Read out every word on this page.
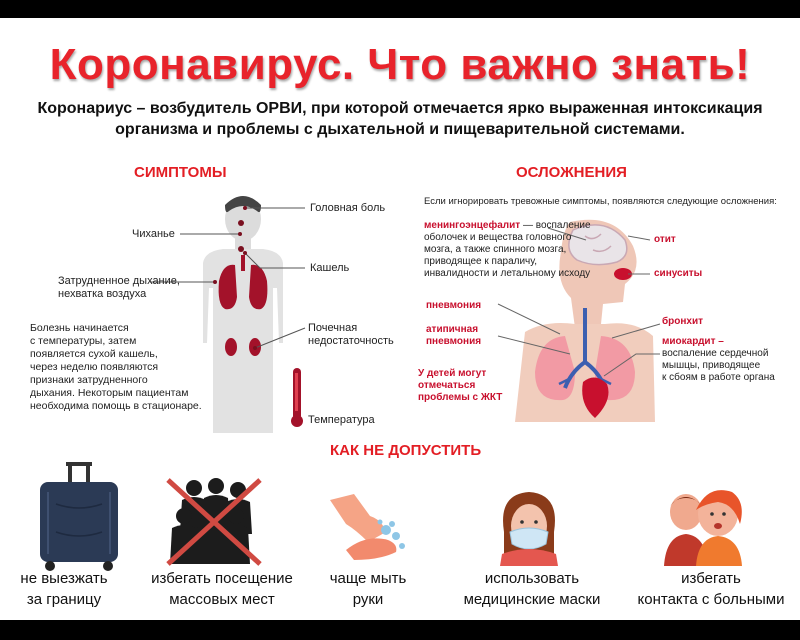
Коронавирус. Что важно знать!
Коронариус – возбудитель ОРВИ, при которой отмечается ярко выраженная интоксикация
организма и проблемы с дыхательной и пищеварительной системами.
СИМПТОМЫ
Головная боль
Чиханье
Кашель
Затрудненное дыхание,
нехватка воздуха
Почечная
недостаточность
Температура
Болезнь начинается
с температуры, затем
появляется сухой кашель,
через неделю появляются
признаки затрудненного
дыхания. Некоторым пациентам
необходима помощь в стационаре.
ОСЛОЖНЕНИЯ
Если игнорировать тревожные симптомы, появляются следующие осложнения:
менингоэнцефалит — воспаление
оболочек и вещества головного
мозга, а также спинного мозга,
приводящее к параличу,
инвалидности и летальному исходу
отит
синуситы
пневмония
атипичная
пневмония
бронхит
миокардит –
воспаление сердечной
мышцы, приводящее
к сбоям в работе органа
У детей могут
отмечаться
проблемы с ЖКТ
КАК НЕ ДОПУСТИТЬ
не выезжать
за границу
избегать посещение
массовых мест
чаще мыть
руки
использовать
медицинские маски
избегать
контакта с больными
